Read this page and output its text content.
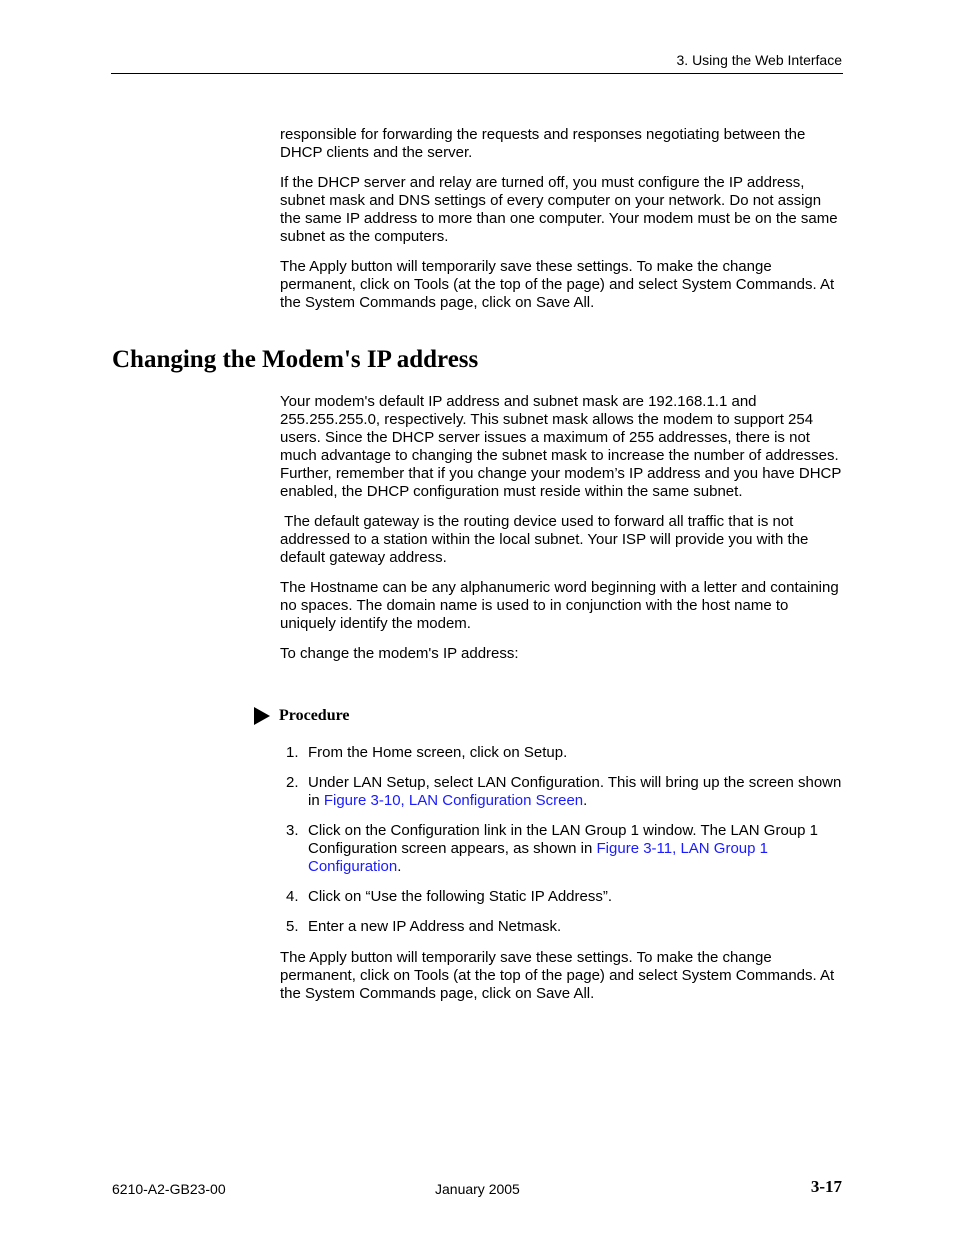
3. Using the Web Interface

responsible for forwarding the requests and responses negotiating between the DHCP clients and the server.

If the DHCP server and relay are turned off, you must configure the IP address, subnet mask and DNS settings of every computer on your network. Do not assign the same IP address to more than one computer. Your modem must be on the same subnet as the computers.

The Apply button will temporarily save these settings. To make the change permanent, click on Tools (at the top of the page) and select System Commands. At the System Commands page, click on Save All.

Changing the Modem's IP address

Your modem's default IP address and subnet mask are 192.168.1.1 and 255.255.255.0, respectively. This subnet mask allows the modem to support 254 users. Since the DHCP server issues a maximum of 255 addresses, there is not much advantage to changing the subnet mask to increase the number of addresses. Further, remember that if you change your modem’s IP address and you have DHCP enabled, the DHCP configuration must reside within the same subnet.

The default gateway is the routing device used to forward all traffic that is not addressed to a station within the local subnet. Your ISP will provide you with the default gateway address.

The Hostname can be any alphanumeric word beginning with a letter and containing no spaces. The domain name is used to in conjunction with the host name to uniquely identify the modem.

To change the modem's IP address:

Procedure
1. From the Home screen, click on Setup.
2. Under LAN Setup, select LAN Configuration. This will bring up the screen shown in Figure 3-10, LAN Configuration Screen.
3. Click on the Configuration link in the LAN Group 1 window. The LAN Group 1 Configuration screen appears, as shown in Figure 3-11, LAN Group 1 Configuration.
4. Click on “Use the following Static IP Address”.
5. Enter a new IP Address and Netmask.

The Apply button will temporarily save these settings. To make the change permanent, click on Tools (at the top of the page) and select System Commands. At the System Commands page, click on Save All.

6210-A2-GB23-00	January 2005	3-17
